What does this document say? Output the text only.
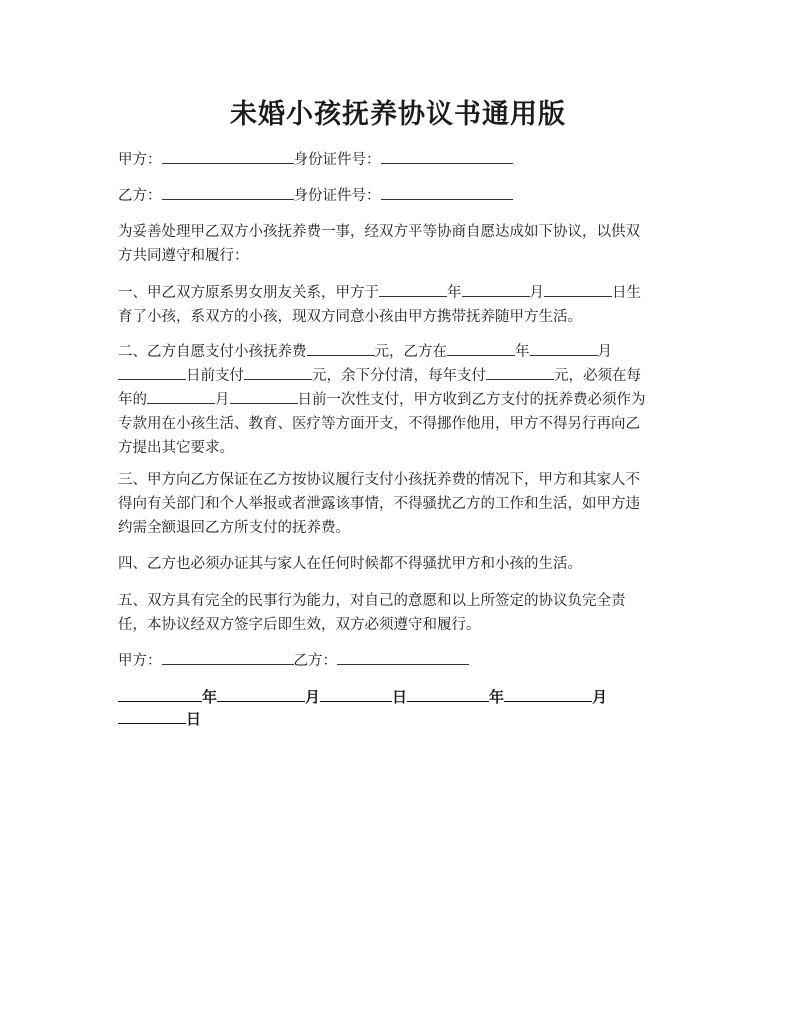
未婚小孩抚养协议书通用版

甲方：	身份证件号：

乙方：	身份证件号：

为妥善处理甲乙双方小孩抚养费一事，经双方平等协商自愿达成如下协议，以供双
方共同遵守和履行：
一、甲乙双方原系男女朋友关系，甲方于	年	月	日生
育了小孩，系双方的小孩，现双方同意小孩由甲方携带抚养随甲方生活。
二、乙方自愿支付小孩抚养费	元，乙方在	年	月
日前支付	元，余下分付清，每年支付	元，必须在每
年的	月	日前一次性支付，甲方收到乙方支付的抚养费必须作为
专款用在小孩生活、教育、医疗等方面开支，不得挪作他用，甲方不得另行再向乙
方提出其它要求。
三、甲方向乙方保证在乙方按协议履行支付小孩抚养费的情况下，甲方和其家人不
得向有关部门和个人举报或者泄露该事情，不得骚扰乙方的工作和生活，如甲方违
约需全额退回乙方所支付的抚养费。
四、乙方也必须办证其与家人在任何时候都不得骚扰甲方和小孩的生活。
五、双方具有完全的民事行为能力，对自己的意愿和以上所签定的协议负完全责
任，本协议经双方签字后即生效，双方必须遵守和履行。

甲方：	乙方：

年	月	日	年	月
日
